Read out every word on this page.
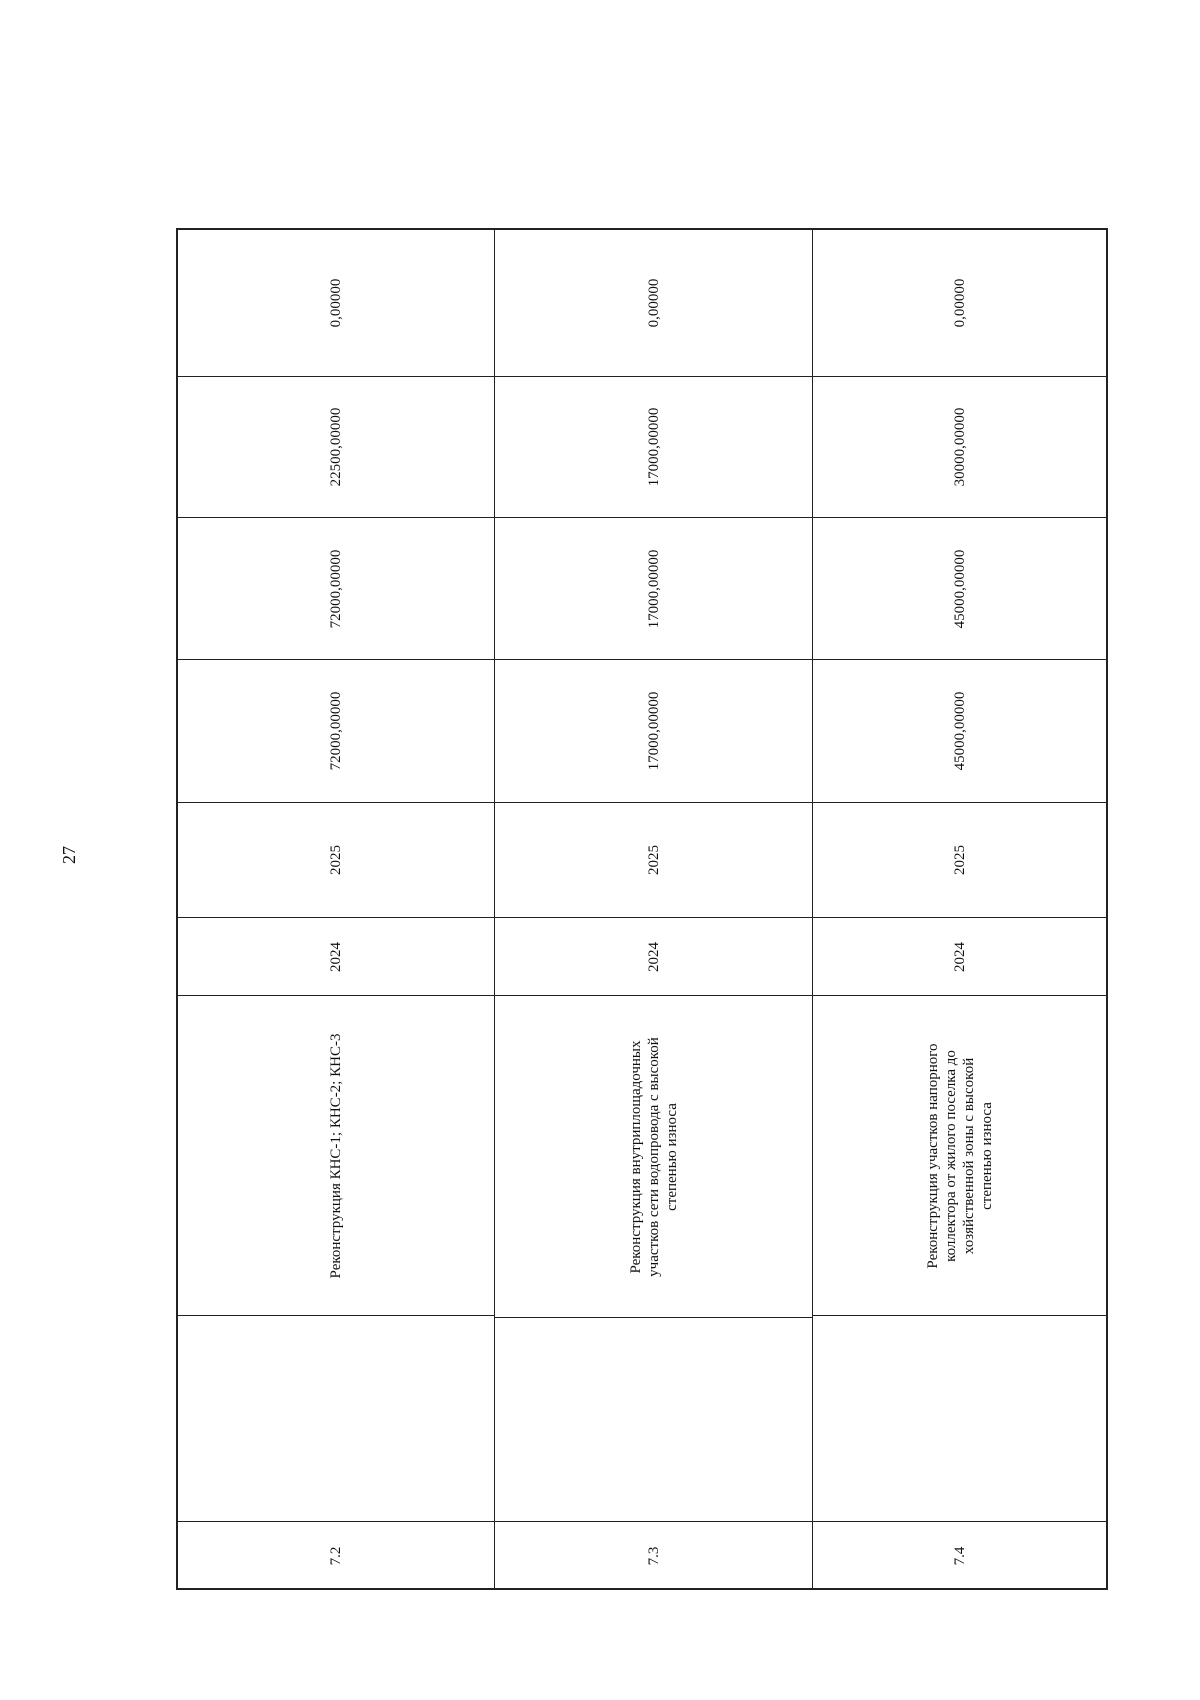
27
0,00000
22500,00000
72000,00000
72000,00000
2025
2024
Реконструкция КНС-1; КНС-2; КНС-3
7.2
0,00000
17000,00000
17000,00000
17000,00000
2025
2024
Реконструкция внутриплощадочных участков сети водопровода с высокой степенью износа
7.3
0,00000
30000,00000
45000,00000
45000,00000
2025
2024
Реконструкция участков напорного коллектора от жилого поселка до хозяйственной зоны с высокой степенью износа
7.4
